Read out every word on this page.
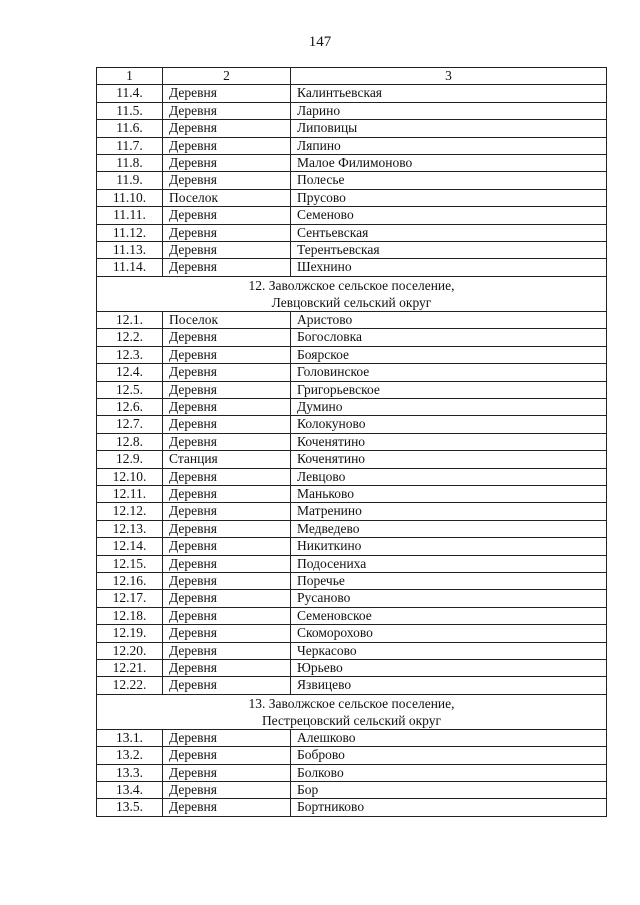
147
1	2	3
11.4.	Деревня	Калинтьевская
11.5.	Деревня	Ларино
11.6.	Деревня	Липовицы
11.7.	Деревня	Ляпино
11.8.	Деревня	Малое Филимоново
11.9.	Деревня	Полесье
11.10.	Поселок	Прусово
11.11.	Деревня	Семеново
11.12.	Деревня	Сентьевская
11.13.	Деревня	Терентьевская
11.14.	Деревня	Шехнино

12. Заволжское сельское поселение,
Левцовский сельский округ		

12.1.	Поселок	Аристово
12.2.	Деревня	Богословка
12.3.	Деревня	Боярское
12.4.	Деревня	Головинское
12.5.	Деревня	Григорьевское
12.6.	Деревня	Думино
12.7.	Деревня	Колокуново
12.8.	Деревня	Коченятино
12.9.	Станция	Коченятино
12.10.	Деревня	Левцово
12.11.	Деревня	Маньково
12.12.	Деревня	Матренино
12.13.	Деревня	Медведево
12.14.	Деревня	Никиткино
12.15.	Деревня	Подосениха
12.16.	Деревня	Поречье
12.17.	Деревня	Русаново
12.18.	Деревня	Семеновское
12.19.	Деревня	Скоморохово
12.20.	Деревня	Черкасово
12.21.	Деревня	Юрьево
12.22.	Деревня	Язвицево

13. Заволжское сельское поселение,
Пестрецовский сельский округ		

13.1.	Деревня	Алешково
13.2.	Деревня	Боброво
13.3.	Деревня	Болково
13.4.	Деревня	Бор
13.5.	Деревня	Бортниково
